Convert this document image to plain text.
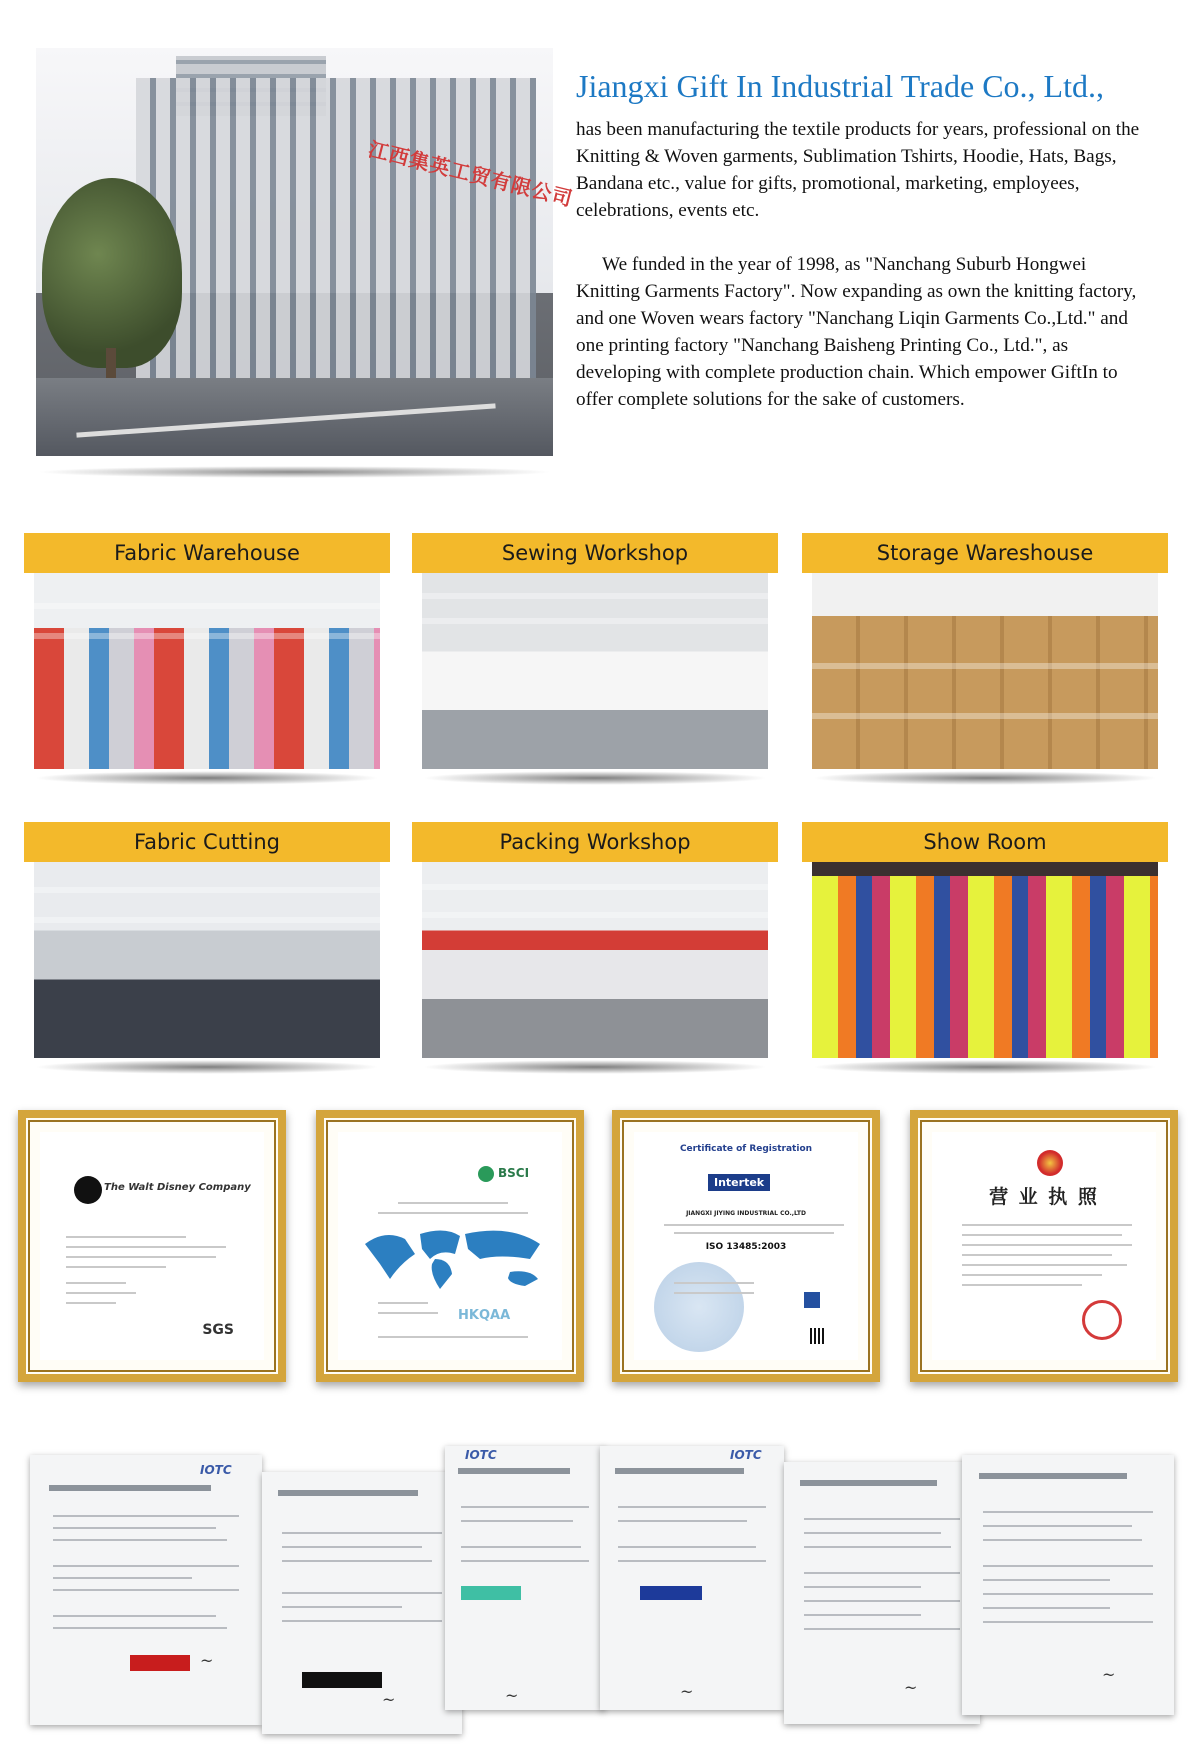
江西集英工贸有限公司
Jiangxi Gift In Industrial Trade Co., Ltd.,

has been manufacturing the textile products for years, professional on the Knitting & Woven garments, Sublimation Tshirts, Hoodie, Hats, Bags, Bandana etc., value for gifts, promotional, marketing, employees, celebrations, events etc.

We funded in the year of 1998, as "Nanchang Suburb Hongwei Knitting Garments Factory". Now expanding as own the knitting factory, and one Woven wears factory "Nanchang Liqin Garments Co.,Ltd." and one printing factory "Nanchang Baisheng Printing Co., Ltd.", as developing with complete production chain. Which empower GiftIn to offer complete solutions for the sake of customers.

Fabric Warehouse	Sewing Workshop	Storage Wareshouse
Fabric Cutting	Packing Workshop	Show Room
The Walt Disney Company
SGS
BSCI
HKQAA
Certificate of Registration
Intertek
JIANGXI JIYING INDUSTRIAL CO.,LTD
ISO 13485:2003
营 业 执 照
IOTC
~
~
IOTC
~
IOTC
~	~
~
